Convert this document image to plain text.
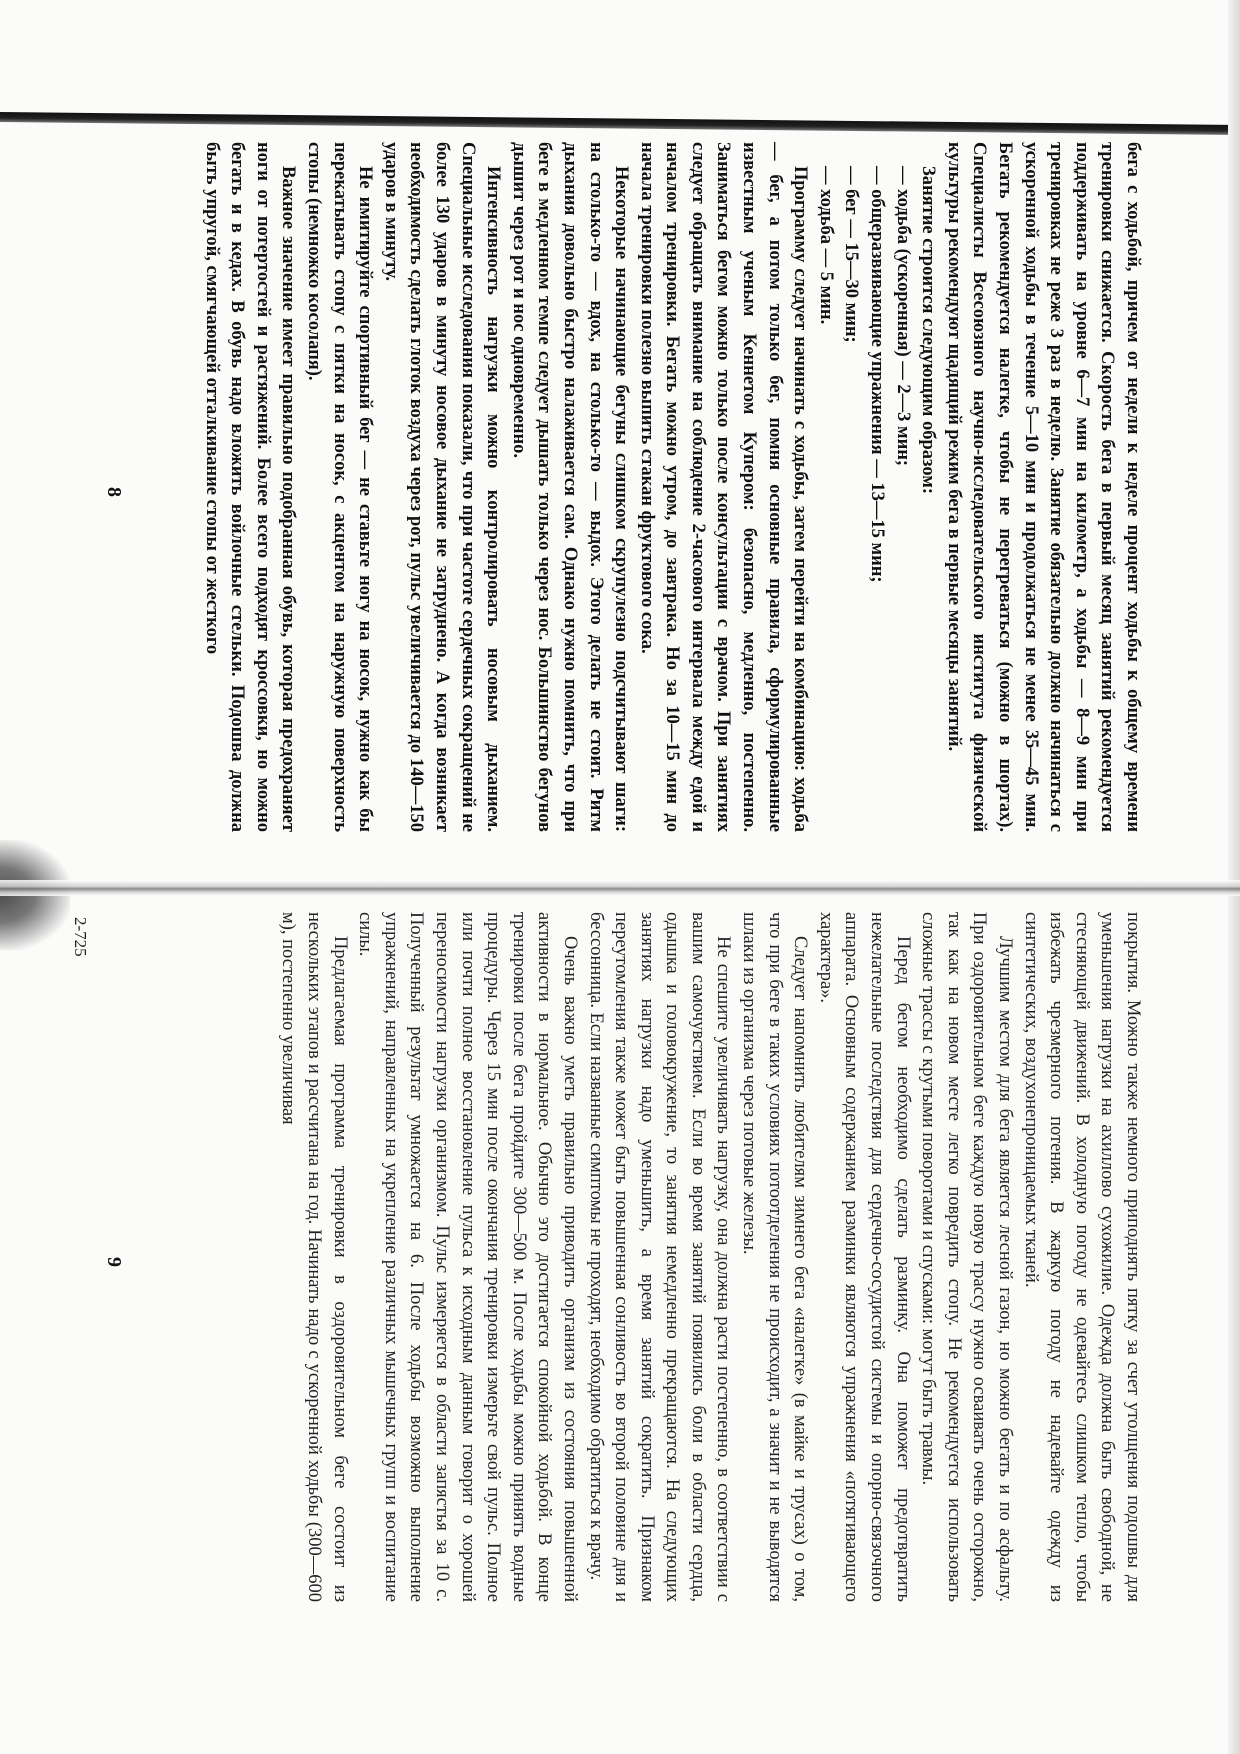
бега с ходьбой, причем от недели к неделе процент ходьбы к общему времени тренировки снижается. Скорость бега в первый месяц занятий рекомендуется поддерживать на уровне 6—7 мин на километр, а ходьбы — 8—9 мин при тренировках не реже 3 раз в неделю. Занятие обязательно должно начинаться с ускоренной ходьбы в течение 5—10 мин и продолжаться не менее 35—45 мин. Бегать рекомендуется налегке, чтобы не перегреваться (можно в шортах). Специалисты Всесоюзного научно-исследовательского института физической культуры рекомендуют щадящий режим бега в первые месяцы занятий.

Занятие строится следующим образом:

— ходьба (ускоренная) — 2—3 мин;
— общеразвивающие упражнения — 13—15 мин;
— бег — 15—30 мин;
— ходьба — 5 мин.

Программу следует начинать с ходьбы, затем перейти на комбинацию: ходьба — бег, а потом только бег, помня основные правила, сформулированные известным ученым Кеннетом Купером: безопасно, медленно, постепенно. Заниматься бегом можно только после консультации с врачом. При занятиях следует обращать внимание на соблюдение 2-часового интервала между едой и началом тренировки. Бегать можно утром, до завтрака. Но за 10—15 мин до начала тренировки полезно выпить стакан фруктового сока.

Некоторые начинающие бегуны слишком скрупулезно подсчитывают шаги: на столько-то — вдох, на столько-то — выдох. Этого делать не стоит. Ритм дыхания довольно быстро налаживается сам. Однако нужно помнить, что при беге в медленном темпе следует дышать только через нос. Большинство бегунов дышит через рот и нос одновременно.

Интенсивность нагрузки можно контролировать носовым дыханием. Специальные исследования показали, что при частоте сердечных сокращений не более 130 ударов в минуту носовое дыхание не затруднено. А когда возникает необходимость сделать глоток воздуха через рот, пульс увеличивается до 140—150 ударов в минуту.

Не имитируйте спортивный бег — не ставьте ногу на носок, нужно как бы перекатывать стопу с пятки на носок, с акцентом на наружную поверхность стопы (немножко косолапя).

Важное значение имеет правильно подобранная обувь, которая предохраняет ноги от потертостей и растяжений. Более всего подходят кроссовки, но можно бегать и в кедах. В обувь надо вложить войлочные стельки. Подошва должна быть упругой, смягчающей отталкивание стопы от жесткого

8

покрытия. Можно также немного приподнять пятку за счет утолщения подошвы для уменьшения нагрузки на ахиллово сухожилие. Одежда должна быть свободной, не стесняющей движений. В холодную погоду не одевайтесь слишком тепло, чтобы избежать чрезмерного потения. В жаркую погоду не надевайте одежду из синтетических, воздухонепроницаемых тканей.

Лучшим местом для бега является лесной газон, но можно бегать и по асфальту. При оздоровительном беге каждую новую трассу нужно осваивать очень осторожно, так как на новом месте легко повредить стопу. Не рекомендуется использовать сложные трассы с крутыми поворотами и спусками: могут быть травмы.

Перед бегом необходимо сделать разминку. Она поможет предотвратить нежелательные последствия для сердечно-сосудистой системы и опорно-связочного аппарата. Основным содержанием разминки являются упражнения «потягивающего характера».

Следует напомнить любителям зимнего бега «налегке» (в майке и трусах) о том, что при беге в таких условиях потоотделения не происходит, а значит и не выводятся шлаки из организма через потовые железы.

Не спешите увеличивать нагрузку, она должна расти постепенно, в соответствии с вашим самочувствием. Если во время занятий появились боли в области сердца, одышка и головокружение, то занятия немедленно прекращаются. На следующих занятиях нагрузки надо уменьшить, а время занятий сократить. Признаком переутомления также может быть повышенная сонливость во второй половине дня и бессонница. Если названные симптомы не проходят, необходимо обратиться к врачу.

Очень важно уметь правильно приводить организм из состояния повышенной активности в нормальное. Обычно это достигается спокойной ходьбой. В конце тренировки после бега пройдите 300—500 м. После ходьбы можно принять водные процедуры. Через 15 мин после окончания тренировки измерьте свой пульс. Полное или почти полное восстановление пульса к исходным данным говорит о хорошей переносимости нагрузки организмом. Пульс измеряется в области запястья за 10 с. Полученный результат умножается на 6. После ходьбы возможно выполнение упражнений, направленных на укрепление различных мышечных групп и воспитание силы.

Предлагаемая программа тренировки в оздоровительном беге состоит из нескольких этапов и рассчитана на год. Начинать надо с ускоренной ходьбы (300—600 м), постепенно увеличивая

9
2-725
